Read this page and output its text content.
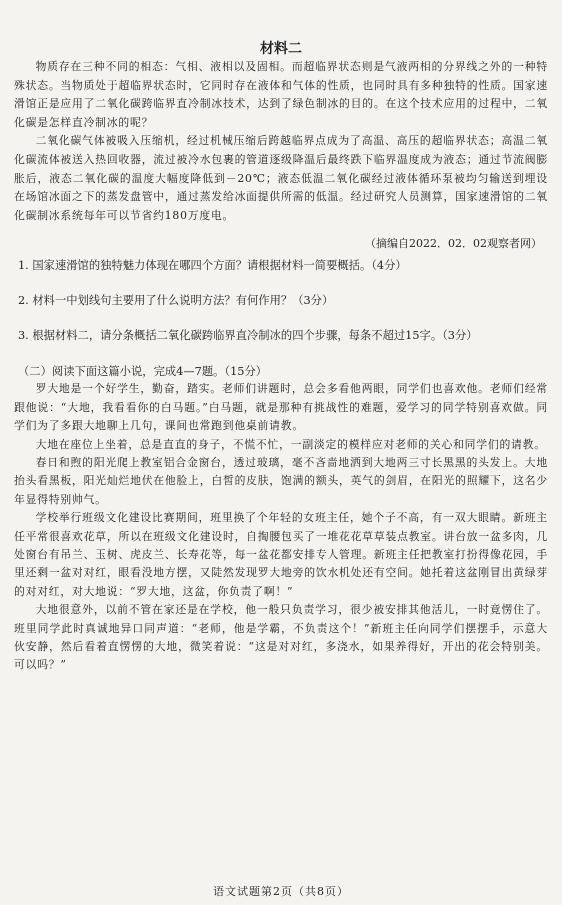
材料二

物质存在三种不同的相态：气相、液相以及固相。而超临界状态则是气液两相的分界线之外的一种特殊状态。当物质处于超临界状态时，它同时存在液体和气体的性质，也同时具有多种独特的性质。国家速滑馆正是应用了二氧化碳跨临界直冷制冰技术，达到了绿色制冰的目的。在这个技术应用的过程中，二氧化碳是怎样直冷制冰的呢？

二氧化碳气体被吸入压缩机，经过机械压缩后跨越临界点成为了高温、高压的超临界状态；高温二氧化碳流体被送入热回收器，流过被冷水包裹的管道逐级降温后最终跌下临界温度成为液态；通过节流阀膨胀后，液态二氧化碳的温度大幅度降低到－20℃；液态低温二氧化碳经过液体循环泵被均匀输送到埋设在场馆冰面之下的蒸发盘管中，通过蒸发给冰面提供所需的低温。经过研究人员测算，国家速滑馆的二氧化碳制冰系统每年可以节省约180万度电。

（摘编自2022．02．02观察者网）

1. 国家速滑馆的独特魅力体现在哪四个方面？请根据材料一简要概括。（4分）

2. 材料一中划线句主要用了什么说明方法？有何作用？（3分）

3. 根据材料二，请分条概括二氧化碳跨临界直冷制冰的四个步骤，每条不超过15字。（3分）

（二）阅读下面这篇小说，完成4—7题。（15分）

罗大地是一个好学生，勤奋，踏实。老师们讲题时，总会多看他两眼，同学们也喜欢他。老师们经常跟他说：“大地，我看看你的白马题。”白马题，就是那种有挑战性的难题，爱学习的同学特别喜欢做。同学们为了多跟大地聊上几句，课间也常跑到他桌前请教。

大地在座位上坐着，总是直直的身子，不慌不忙，一副淡定的模样应对老师的关心和同学们的请教。

春日和煦的阳光爬上教室铝合金窗台，透过玻璃，毫不吝啬地洒到大地两三寸长黑黑的头发上。大地抬头看黑板，阳光灿烂地伏在他脸上，白皙的皮肤，饱满的额头，英气的剑眉，在阳光的照耀下，这名少年显得特别帅气。

学校举行班级文化建设比赛期间，班里换了个年轻的女班主任，她个子不高，有一双大眼睛。新班主任平常很喜欢花草，所以在班级文化建设时，自掏腰包买了一堆花花草草装点教室。讲台放一盆多肉，几处窗台有吊兰、玉树、虎皮兰、长寿花等，每一盆花都安排专人管理。新班主任把教室打扮得像花园，手里还剩一盆对对红，眼看没地方摆，又陡然发现罗大地旁的饮水机处还有空间。她托着这盆刚冒出黄绿芽的对对红，对大地说：“罗大地，这盆，你负责了啊！”

大地很意外，以前不管在家还是在学校，他一般只负责学习，很少被安排其他活儿，一时竟愣住了。班里同学此时真诚地异口同声道：“老师，他是学霸，不负责这个！”新班主任向同学们摆摆手，示意大伙安静，然后看着直愣愣的大地，微笑着说：“这是对对红，多浇水，如果养得好，开出的花会特别美。可以吗？”

语文试题第2页（共8页）
